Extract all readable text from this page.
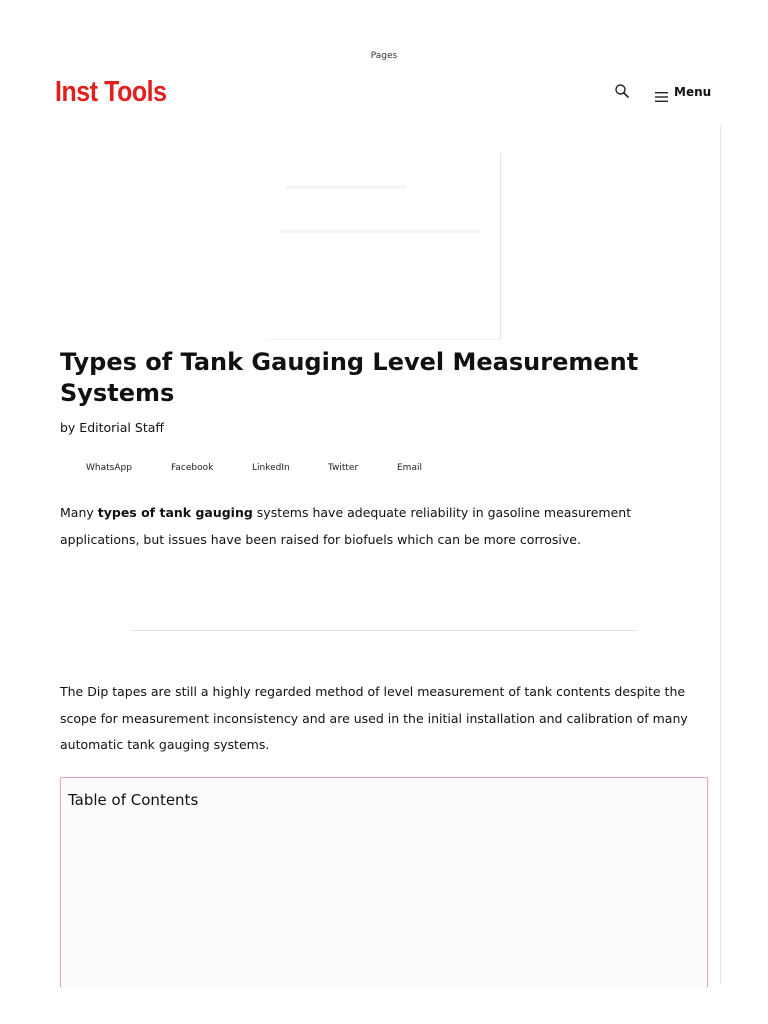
Pages
Inst Tools	Menu
Types of Tank Gauging Level Measurement Systems
by Editorial Staff
WhatsApp	Facebook	LinkedIn	Twitter	Email

Many types of tank gauging systems have adequate reliability in gasoline measurement applications, but issues have been raised for biofuels which can be more corrosive.

The Dip tapes are still a highly regarded method of level measurement of tank contents despite the scope for measurement inconsistency and are used in the initial installation and calibration of many automatic tank gauging systems.

Table of Contents
